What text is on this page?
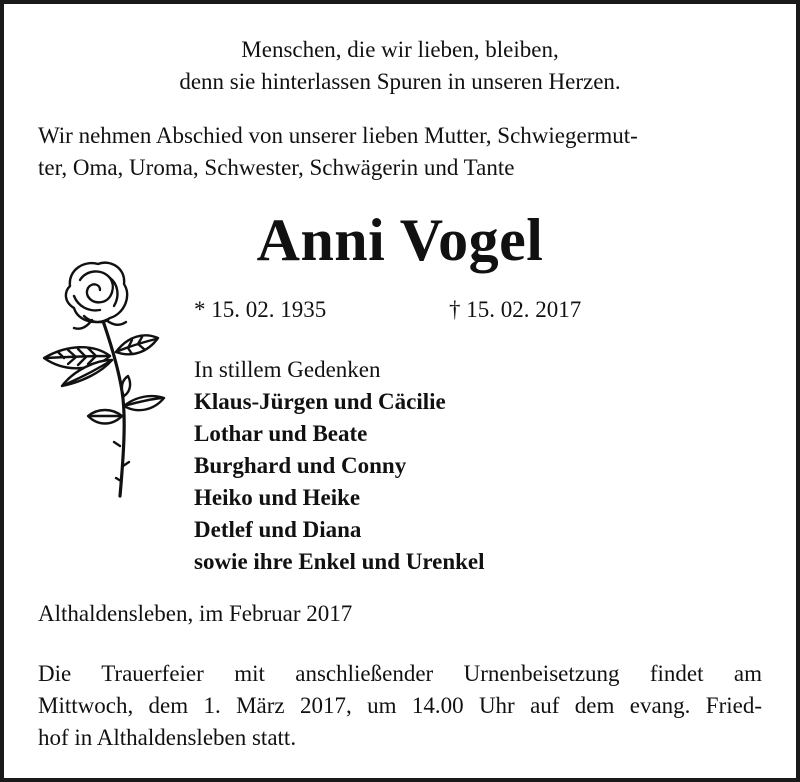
Menschen, die wir lieben, bleiben,
denn sie hinterlassen Spuren in unseren Herzen.
Wir nehmen Abschied von unserer lieben Mutter, Schwiegermut-
ter, Oma, Uroma, Schwester, Schwägerin und Tante
Anni Vogel
* 15. 02. 1935	† 15. 02. 2017
In stillem Gedenken
Klaus-Jürgen und Cäcilie
Lothar und Beate
Burghard und Conny
Heiko und Heike
Detlef und Diana
sowie ihre Enkel und Urenkel
Althaldensleben, im Februar 2017
Die Trauerfeier mit anschließender Urnenbeisetzung findet am
Mittwoch, dem 1. März 2017, um 14.00 Uhr auf dem evang. Fried-
hof in Althaldensleben statt.
